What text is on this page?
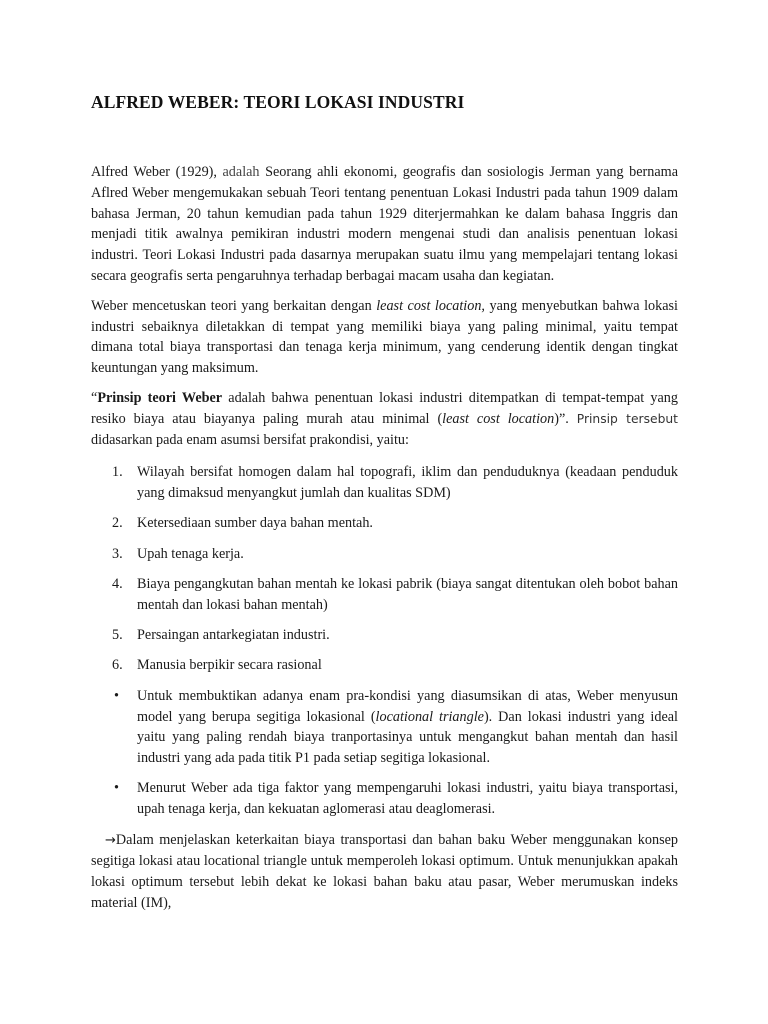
ALFRED WEBER: TEORI LOKASI INDUSTRI

Alfred Weber (1929), adalah Seorang ahli ekonomi, geografis dan sosiologis Jerman yang bernama Aflred Weber mengemukakan sebuah Teori tentang penentuan Lokasi Industri pada tahun 1909 dalam bahasa Jerman, 20 tahun kemudian pada tahun 1929 diterjermahkan ke dalam bahasa Inggris dan menjadi titik awalnya pemikiran industri modern mengenai studi dan analisis penentuan lokasi industri. Teori Lokasi Industri pada dasarnya merupakan suatu ilmu yang mempelajari tentang lokasi secara geografis serta pengaruhnya terhadap berbagai macam usaha dan kegiatan.

Weber mencetuskan teori yang berkaitan dengan least cost location, yang menyebutkan bahwa lokasi industri sebaiknya diletakkan di tempat yang memiliki biaya yang paling minimal, yaitu tempat dimana total biaya transportasi dan tenaga kerja minimum, yang cenderung identik dengan tingkat keuntungan yang maksimum.

“Prinsip teori Weber adalah bahwa penentuan lokasi industri ditempatkan di tempat-tempat yang resiko biaya atau biayanya paling murah atau minimal (least cost location)”. Prinsip tersebut didasarkan pada enam asumsi bersifat prakondisi, yaitu:

1. Wilayah bersifat homogen dalam hal topografi, iklim dan penduduknya (keadaan penduduk yang dimaksud menyangkut jumlah dan kualitas SDM)
2. Ketersediaan sumber daya bahan mentah.
3. Upah tenaga kerja.
4. Biaya pengangkutan bahan mentah ke lokasi pabrik (biaya sangat ditentukan oleh bobot bahan mentah dan lokasi bahan mentah)
5. Persaingan antarkegiatan industri.
6. Manusia berpikir secara rasional
• Untuk membuktikan adanya enam pra-kondisi yang diasumsikan di atas, Weber menyusun model yang berupa segitiga lokasional (locational triangle). Dan lokasi industri yang ideal yaitu yang paling rendah biaya tranportasinya untuk mengangkut bahan mentah dan hasil industri yang ada pada titik P1 pada setiap segitiga lokasional.
• Menurut Weber ada tiga faktor yang mempengaruhi lokasi industri, yaitu biaya transportasi, upah tenaga kerja, dan kekuatan aglomerasi atau deaglomerasi.

→Dalam menjelaskan keterkaitan biaya transportasi dan bahan baku Weber menggunakan konsep segitiga lokasi atau locational triangle untuk memperoleh lokasi optimum. Untuk menunjukkan apakah lokasi optimum tersebut lebih dekat ke lokasi bahan baku atau pasar, Weber merumuskan indeks material (IM),
